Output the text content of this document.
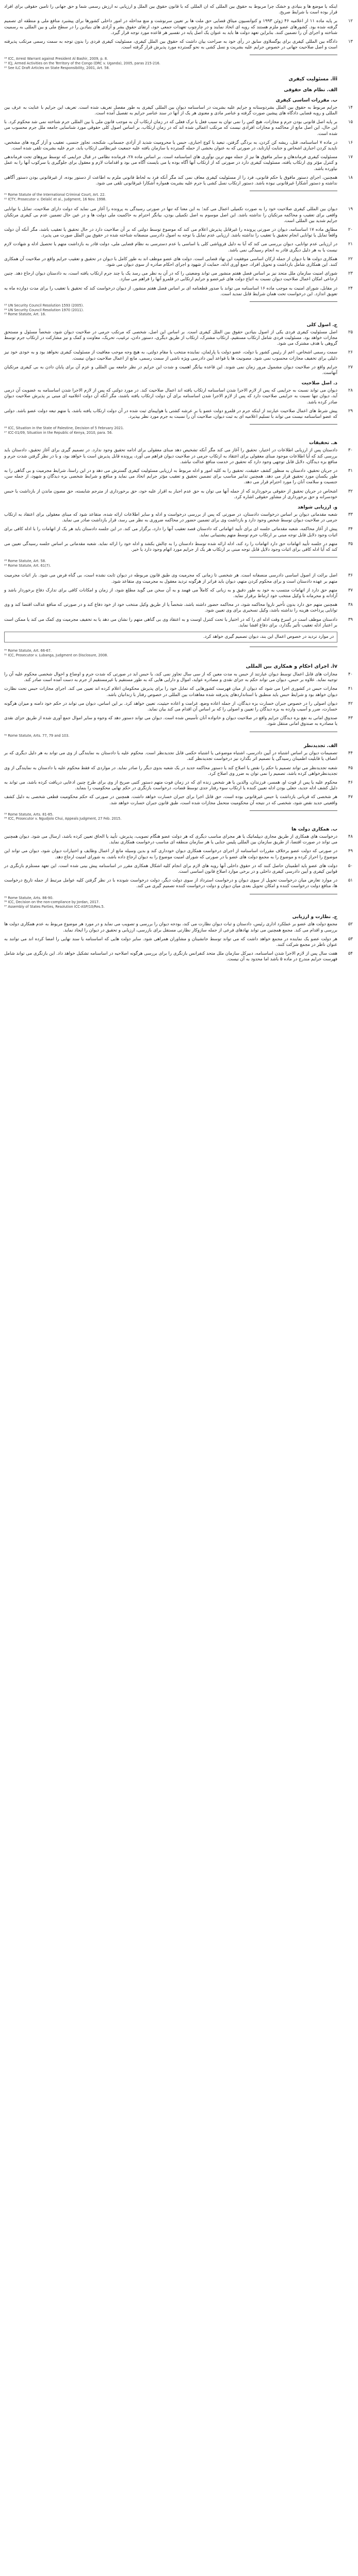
اینکه یا موضع ها و بنیادی و خشک چرا مربوط به حقوق بین المللی که ان المللی که با قانون حقوق بین الملل و ارزیابی نه ارزش رسمی شما و حق جهانی را تامین حقوقی برای افراد قرار بوده است با شرایط صریح.
۱۲
بر پایه ماده ۱۱ از اعلامیه ۴۶ ژوئن ۱۹۹۳ و کنوانسیون میثاق قضایی حق ملت ها بر تعیین سرنوشت و منع مداخله در امور داخلی کشورها برای پیشبرد منافع ملی و منطقه ای تصمیم گرفته شده بود. کشورهای عضو ملزم هستند که رویه ای اتخاذ نمایند و در چارچوب تعهدات جمعی خود، ارتقای حقوق بشر و آزادی های بنیادین را در سطح ملی و بین المللی به رسمیت شناخته و اجرای آن را تضمین کنند. بنابراین تعهد دولت ها باید به عنوان یک اصل پایه در تفسیر هر قاعده مورد توجه قرار گیرد.
۱۳
دادگاه بین المللی کیفری برای یوگسلاوی سابق در رأی خود به صراحت بیان داشت که حقوق بین الملل کیفری، مسئولیت کیفری فردی را بدون توجه به سمت رسمی مرتکب پذیرفته است و اصل صلاحیت جهانی در خصوص جرایم علیه بشریت و نسل کشی به نحو گسترده مورد پذیرش قرار گرفته است.
¹⁸ ICC, Arrest Warrant against President Al Bashir, 2009, p. 8.
¹⁹ ICJ, Armed Activities on the Territory of the Congo (DRC v. Uganda), 2005, paras 215-216.
²⁰ See ILC Draft Articles on State Responsibility, 2001, Art. 58.
iii. مسئولیت کیفری
الف. نظام های حقوقی
ب. مقررات اساسی کیفری
۱۴
جرایم مربوط به حقوق بین الملل بشردوستانه و جرایم علیه بشریت در اساسنامه دیوان بین المللی کیفری به طور مفصل تعریف شده است. تعریف این جرایم با عنایت به عرف بین المللی و رویه قضایی دادگاه های پیشین صورت گرفته و عناصر مادی و معنوی هر یک از آنها در سند عناصر جرایم به تفصیل آمده است.
۱۵
بر پایه اصل قانونی بودن جرم و مجازات، هیچ کس را نمی توان به سبب فعل یا ترک فعلی که در زمان ارتکاب آن به موجب قانون ملی یا بین المللی جرم شناخته نمی شد محکوم کرد. با این حال، این اصل مانع از محاکمه و مجازات افرادی نیست که مرتکب اعمالی شده اند که در زمان ارتکاب، بر اساس اصول کلی حقوقی مورد شناسایی جامعه ملل جرم محسوب می شده است.
۱۶
در ماده ۷ اساسنامه، قتل، ریشه کن کردن، به بردگی گرفتن، تبعید یا کوچ اجباری، حبس یا محرومیت شدید از آزادی جسمانی، شکنجه، تجاوز جنسی، تعقیب و آزار گروه های مشخص، ناپدید کردن اجباری اشخاص و جنایت آپارتاید، در صورتی که به عنوان بخشی از حمله گسترده یا سازمان یافته علیه جمعیت غیرنظامی ارتکاب یابد، جرم علیه بشریت تلقی شده است.
۱۷
مسئولیت کیفری فرماندهان و سایر مافوق ها نیز از جمله مهم ترین نوآوری های اساسنامه است. بر اساس ماده ۲۸، فرمانده نظامی در قبال جرایمی که توسط نیروهای تحت فرماندهی و کنترل مؤثر وی ارتکاب یافته، مسئولیت کیفری دارد در صورتی که از ارتکاب آنها آگاه بوده یا می بایست آگاه می بود و اقدامات لازم و معقول برای جلوگیری یا سرکوب آنها را به عمل نیاورده باشد.
۱۸
همچنین، اجرای دستور مافوق یا حکم قانونی، فرد را از مسئولیت کیفری معاف نمی کند مگر آنکه فرد به لحاظ قانونی ملزم به اطاعت از دستور بوده، از غیرقانونی بودن دستور آگاهی نداشته و دستور آشکارا غیرقانونی نبوده باشد. دستور ارتکاب نسل کشی یا جرم علیه بشریت همواره آشکارا غیرقانونی تلقی می شود.
²¹ Rome Statute of the International Criminal Court, Art. 22.
²² ICTY, Prosecutor v. Delalić et al., Judgment, 16 Nov. 1998.
۱۹
دیوان بین المللی کیفری صلاحیت خود را به صورت تکمیلی اعمال می کند؛ به این معنا که تنها در صورتی رسیدگی به پرونده را آغاز می نماید که دولت دارای صلاحیت، تمایل یا توانایی واقعی برای تعقیب و محاکمه مرتکبان را نداشته باشد. این اصل موسوم به اصل تکمیلی بودن، بیانگر احترام به حاکمیت ملی دولت ها و در عین حال تضمین عدم بی کیفری مرتکبان جرایم شدید بین المللی است.
۲۰
مطابق ماده ۱۷ اساسنامه، دیوان در صورتی پرونده را غیرقابل پذیرش اعلام می کند که موضوع توسط دولتی که بر آن صلاحیت دارد در حال تحقیق یا تعقیب باشد، مگر آنکه آن دولت واقعاً تمایل یا توانایی انجام تحقیق یا تعقیب را نداشته باشد. ارزیابی عدم تمایل با توجه به اصول دادرسی منصفانه شناخته شده در حقوق بین الملل صورت می پذیرد.
۲۱
در ارزیابی عدم توانایی، دیوان بررسی می کند که آیا به دلیل فروپاشی کلی یا اساسی یا عدم دسترسی به نظام قضایی ملی، دولت قادر به بازداشت متهم یا تحصیل ادله و شهادت لازم نیست یا به هر دلیل دیگری قادر به انجام رسیدگی نمی باشد.
۲۲
همکاری دولت ها با دیوان از جمله ارکان اساسی موفقیت این نهاد قضایی است. دولت های عضو موظف اند به طور کامل با دیوان در تحقیق و تعقیب جرایم واقع در صلاحیت آن همکاری کنند. این همکاری شامل بازداشت و تحویل افراد، جمع آوری ادله، حمایت از شهود و اجرای احکام صادره از سوی دیوان می شود.
۲۳
شورای امنیت سازمان ملل متحد نیز بر اساس فصل هفتم منشور می تواند وضعیتی را که در آن به نظر می رسد یک یا چند جرم ارتکاب یافته است، به دادستان دیوان ارجاع دهد. چنین ارجاعی امکان اعمال صلاحیت دیوان نسبت به اتباع دولت های غیرعضو و جرایم ارتکابی در قلمرو آنها را فراهم می سازد.
۲۴
در مقابل، شورای امنیت به موجب ماده ۱۶ اساسنامه می تواند با صدور قطعنامه ای بر اساس فصل هفتم منشور، از دیوان درخواست کند که تحقیق یا تعقیب را برای مدت دوازده ماه به تعویق اندازد. این درخواست تحت همان شرایط قابل تمدید است.
²³ UN Security Council Resolution 1593 (2005).
²⁴ UN Security Council Resolution 1970 (2011).
²⁵ Rome Statute, Art. 16.
ج. اصول کلی
۲۵
اصل مسئولیت کیفری فردی یکی از اصول بنیادین حقوق بین الملل کیفری است. بر اساس این اصل، شخصی که مرتکب جرمی در صلاحیت دیوان شود، شخصاً مسئول و مستحق مجازات خواهد بود. مسئولیت فردی شامل ارتکاب مستقیم، ارتکاب مشترک، ارتکاب از طریق دیگری، دستور دادن، ترغیب، تحریک، معاونت و کمک و نیز مشارکت در ارتکاب جرم توسط گروهی با هدف مشترک می شود.
۲۶
سمت رسمی اشخاص، اعم از رئیس کشور یا دولت، عضو دولت یا پارلمان، نماینده منتخب یا مقام دولتی، به هیچ وجه موجب معافیت از مسئولیت کیفری نخواهد بود و به خودی خود نیز دلیلی برای تخفیف مجازات محسوب نمی شود. مصونیت ها یا قواعد آیین دادرسی ویژه ناشی از سمت رسمی، مانع از اعمال صلاحیت دیوان نیست.
۲۷
جرایم واقع در صلاحیت دیوان مشمول مرور زمان نمی شوند. این قاعده بیانگر اهمیت و شدت این جرایم در نظر جامعه بین المللی و عزم آن برای پایان دادن به بی کیفری مرتکبان آنهاست.
د. اصل صلاحیت
۲۸
دیوان می تواند نسبت به جرایمی که پس از لازم الاجرا شدن اساسنامه ارتکاب یافته اند اعمال صلاحیت کند. در مورد دولتی که پس از لازم الاجرا شدن اساسنامه به عضویت آن درمی آید، دیوان تنها نسبت به جرایمی صلاحیت دارد که پس از لازم الاجرا شدن اساسنامه برای آن دولت ارتکاب یافته باشند، مگر آنکه آن دولت اعلامیه ای مبنی بر پذیرش صلاحیت دیوان صادر کرده باشد.
۲۹
پیش شرط های اعمال صلاحیت عبارتند از اینکه جرم در قلمرو دولت عضو یا بر عرشه کشتی یا هواپیمای ثبت شده در آن دولت ارتکاب یافته باشد، یا متهم تبعه دولت عضو باشد. دولتی که عضو اساسنامه نیست می تواند با تسلیم اعلامیه ای به ثبت دیوان، صلاحیت آن را نسبت به جرم مورد نظر بپذیرد.
²⁶ ICC, Situation in the State of Palestine, Decision of 5 February 2021.
²⁷ ICC-01/09, Situation in the Republic of Kenya, 2010, para. 56.
هـ. تحقیقات
۳۰
دادستان پس از ارزیابی اطلاعات در اختیار، تحقیق را آغاز می کند مگر آنکه تشخیص دهد مبنای معقولی برای ادامه تحقیق وجود ندارد. در تصمیم گیری برای آغاز تحقیق، دادستان باید بررسی کند که آیا اطلاعات موجود مبنای معقولی برای اعتقاد به ارتکاب جرمی در صلاحیت دیوان فراهم می آورد، پرونده قابل پذیرش است یا خواهد بود، و با در نظر گرفتن شدت جرم و منافع بزه دیدگان، دلایل قابل توجهی وجود دارد که تحقیق در خدمت منافع عدالت نباشد.
۳۱
در جریان تحقیق، دادستان به منظور کشف حقیقت، تحقیق را به کلیه امور و ادله مربوط به ارزیابی مسئولیت کیفری گسترش می دهد و در این راستا، شرایط مجرمیت و بی گناهی را به طور یکسان مورد تحقیق قرار می دهد. همچنین تدابیر مناسب برای تضمین تحقیق و تعقیب مؤثر جرایم اتخاذ می نماید و منافع و شرایط شخصی بزه دیدگان و شهود، از جمله سن، جنسیت و سلامت آنان را مورد احترام قرار می دهد.
۳۲
اشخاص در جریان تحقیق از حقوقی برخوردارند که از جمله آنها می توان به حق عدم اجبار به اقرار علیه خود، حق برخورداری از مترجم شایسته، حق مصون ماندن از بازداشت یا حبس خودسرانه و حق برخورداری از مشاور حقوقی اشاره کرد.
و. ارزیابی شواهد
۳۳
شعبه مقدماتی دیوان بر اساس درخواست دادستان، در صورتی که پس از بررسی درخواست و ادله و سایر اطلاعات ارائه شده، متقاعد شود که مبنای معقولی برای اعتقاد به ارتکاب جرمی در صلاحیت دیوان توسط شخص وجود دارد و بازداشت وی برای تضمین حضور در محاکمه ضروری به نظر می رسد، قرار بازداشت صادر می نماید.
۳۴
پیش از آغاز محاکمه، شعبه مقدماتی جلسه ای برای تأیید اتهاماتی که دادستان قصد تعقیب آنها را دارد، برگزار می کند. در این جلسه دادستان باید هر یک از اتهامات را با ادله کافی برای اثبات وجود دلایل قابل توجه مبنی بر ارتکاب جرم توسط متهم پشتیبانی نماید.
۳۵
متهم در جلسه تأیید اتهامات حق دارد اتهامات را رد کند، ادله ارائه شده توسط دادستان را به چالش بکشد و ادله خود را ارائه نماید. شعبه مقدماتی بر اساس جلسه رسیدگی تعیین می کند که آیا ادله کافی برای اثبات وجود دلایل قابل توجه مبنی بر ارتکاب هر یک از جرایم مورد اتهام وجود دارد یا خیر.
²⁸ Rome Statute, Art. 58.
²⁹ Rome Statute, Art. 61(7).
۳۶
اصل برائت از اصول اساسی دادرسی منصفانه است. هر شخصی تا زمانی که مجرمیت وی طبق قانون مربوطه در دیوان ثابت نشده است، بی گناه فرض می شود. بار اثبات مجرمیت متهم بر عهده دادستان است و برای محکوم کردن متهم، دیوان باید فراتر از هرگونه تردید معقول به مجرمیت وی متقاعد شود.
۳۷
متهم حق دارد از اتهامات منتسب به خود به طور دقیق و به زبانی که کاملاً می فهمد و به آن سخن می گوید مطلع شود، از زمان و امکانات کافی برای تدارک دفاع برخوردار باشد و آزادانه و محرمانه با وکیل منتخب خود ارتباط برقرار نماید.
۳۸
همچنین متهم حق دارد بدون تأخیر ناروا محاکمه شود، در محاکمه حضور داشته باشد، شخصاً یا از طریق وکیل منتخب خود از خود دفاع کند و در صورتی که منافع عدالت اقتضا کند و وی توانایی پرداخت هزینه را نداشته باشد، وکیل تسخیری برای وی تعیین شود.
۳۹
دادستان موظف است در اسرع وقت ادله ای را که در اختیار یا تحت کنترل اوست و به اعتقاد وی بی گناهی متهم را نشان می دهد یا به تخفیف مجرمیت وی کمک می کند یا ممکن است بر اعتبار ادله تعقیب تأثیر بگذارد، برای دفاع افشا نماید.
در موارد تردید در خصوص اعمال این بند، دیوان تصمیم گیری خواهد کرد.
³⁰ Rome Statute, Art. 66-67.
³¹ ICC, Prosecutor v. Lubanga, Judgment on Disclosure, 2008.
iv. اجرای احکام و همکاری بین المللی
۴۰
مجازات های قابل اعمال توسط دیوان عبارتند از حبس به مدت معین که از سی سال تجاوز نمی کند، یا حبس ابد در صورتی که شدت جرم و اوضاع و احوال شخصی محکوم علیه آن را توجیه نماید. علاوه بر حبس، دیوان می تواند حکم به جزای نقدی و مصادره عواید، اموال و دارایی هایی که به طور مستقیم یا غیرمستقیم از جرم به دست آمده است صادر کند.
۴۱
مجازات حبس در کشوری اجرا می شود که دیوان از میان فهرست کشورهایی که تمایل خود را برای پذیرش محکومان اعلام کرده اند تعیین می کند. اجرای مجازات حبس تحت نظارت دیوان خواهد بود و شرایط حبس باید منطبق با استانداردهای پذیرفته شده معاهدات بین المللی در خصوص رفتار با زندانیان باشد.
۴۲
دیوان اصولی را در خصوص جبران خسارت بزه دیدگان، از جمله اعاده وضع، غرامت و اعاده حیثیت، تعیین خواهد کرد. بر این اساس، دیوان می تواند در حکم خود دامنه و میزان هرگونه خسارت، ضرر و آسیب وارده به بزه دیدگان را تعیین و اصولی را که بر اساس آن اقدام می کند بیان نماید.
۴۳
صندوق امانی به نفع بزه دیدگان جرایم واقع در صلاحیت دیوان و خانواده آنان تأسیس شده است. دیوان می تواند دستور دهد که وجوه و سایر اموال جمع آوری شده از طریق جزای نقدی یا مصادره به صندوق امانی منتقل شود.
³² Rome Statute, Arts. 77, 79 and 103.
الف. تجدیدنظر
۴۴
تصمیمات دیوان بر اساس اشتباه در آیین دادرسی، اشتباه موضوعی یا اشتباه حکمی قابل تجدیدنظر است. محکوم علیه یا دادستان به نمایندگی از وی می تواند به هر دلیل دیگری که بر انصاف یا قابلیت اطمینان رسیدگی یا تصمیم اثر بگذارد نیز درخواست تجدیدنظر کند.
۴۵
شعبه تجدیدنظر می تواند تصمیم یا حکم را نقض یا اصلاح کند یا دستور محاکمه جدید در یک شعبه بدوی دیگر را صادر نماید. در مواردی که فقط محکوم علیه یا دادستان به نمایندگی از وی تجدیدنظرخواهی کرده باشد، تصمیم را نمی توان به ضرر وی اصلاح کرد.
۴۶
محکوم علیه یا پس از فوت او، همسر، فرزندان، والدین یا هر شخص زنده ای که در زمان فوت متهم دستور کتبی صریح از وی برای طرح چنین ادعایی دریافت کرده باشد، می تواند به دلیل کشف ادله جدید، جعلی بودن ادله تعیین کننده یا ارتکاب سوء رفتار جدی توسط قضات، درخواست بازنگری در حکم نهایی محکومیت را بنماید.
۴۷
هر شخصی که قربانی بازداشت یا حبس غیرقانونی بوده است، حق قابل اجرا برای جبران خسارت خواهد داشت. همچنین در صورتی که حکم محکومیت قطعی شخصی به دلیل کشف واقعیتی جدید نقض شود، شخصی که در نتیجه آن محکومیت متحمل مجازات شده است، طبق قانون جبران خسارت خواهد شد.
³³ Rome Statute, Arts. 81-85.
³⁴ ICC, Prosecutor v. Ngudjolo Chui, Appeals Judgment, 27 Feb. 2015.
ب. همکاری دولت ها
۴۸
درخواست های همکاری از طریق مجاری دیپلماتیک یا هر مجرای مناسب دیگری که هر دولت عضو هنگام تصویب، پذیرش، تأیید یا الحاق تعیین کرده باشد، ارسال می شود. دیوان همچنین می تواند در صورت اقتضا، از طریق سازمان بین المللی پلیس جنایی یا هر سازمان منطقه ای مناسب درخواست همکاری نماید.
۴۹
در صورتی که دولت عضو برخلاف مقررات اساسنامه از اجرای درخواست همکاری دیوان خودداری کند و بدین وسیله مانع از اعمال وظایف و اختیارات دیوان شود، دیوان می تواند این موضوع را احراز کرده و موضوع را به مجمع دولت های عضو یا در صورتی که شورای امنیت موضوع را به دیوان ارجاع داده باشد، به شورای امنیت ارجاع دهد.
۵۰
دولت های عضو باید اطمینان حاصل کنند که در حقوق داخلی آنها رویه های لازم برای انجام کلیه اشکال همکاری مقرر در اساسنامه پیش بینی شده است. این تعهد مستلزم بازنگری در قوانین کیفری و آیین دادرسی کیفری داخلی و در برخی موارد اصلاح قانون اساسی است.
۵۱
در موارد تعارض میان درخواست تحویل از سوی دیوان و درخواست استرداد از سوی دولت دیگر، دولت درخواست شونده با در نظر گرفتن کلیه عوامل مرتبط از جمله تاریخ درخواست ها، منافع دولت درخواست کننده و امکان تحویل بعدی میان دیوان و دولت درخواست کننده تصمیم گیری می کند.
³⁵ Rome Statute, Arts. 86-90.
³⁶ ICC, Decision on the non-compliance by Jordan, 2017.
³⁷ Assembly of States Parties, Resolution ICC-ASP/10/Res.5.
ج. نظارت و ارزیابی
۵۲
مجمع دولت های عضو بر عملکرد اداری رئیس، دادستان و ثبات دیوان نظارت می کند، بودجه دیوان را بررسی و تصویب می نماید و در مورد هر موضوع مربوط به عدم همکاری دولت ها بررسی و اقدام می کند. مجمع همچنین می تواند نهادهای فرعی از جمله سازوکار نظارتی مستقل برای بازرسی، ارزیابی و تحقیق در دیوان را ایجاد نماید.
۵۳
هر دولت عضو یک نماینده در مجمع خواهد داشت که می تواند توسط جانشینان و مشاوران همراهی شود. سایر دولت هایی که اساسنامه یا سند نهایی را امضا کرده اند می توانند به عنوان ناظر در مجمع شرکت کنند.
۵۴
هفت سال پس از لازم الاجرا شدن اساسنامه، دبیرکل سازمان ملل متحد کنفرانس بازنگری را برای بررسی هرگونه اصلاحیه در اساسنامه تشکیل خواهد داد. این بازنگری می تواند شامل فهرست جرایم مندرج در ماده ۵ باشد اما محدود به آن نیست.
